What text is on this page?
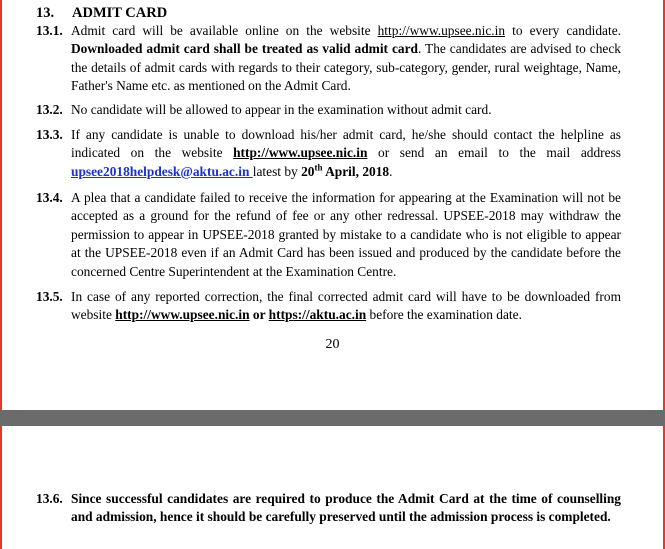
13. ADMIT CARD
13.1. Admit card will be available online on the website http://www.upsee.nic.in to every candidate. Downloaded admit card shall be treated as valid admit card. The candidates are advised to check the details of admit cards with regards to their category, sub-category, gender, rural weightage, Name, Father's Name etc. as mentioned on the Admit Card.
13.2. No candidate will be allowed to appear in the examination without admit card.
13.3. If any candidate is unable to download his/her admit card, he/she should contact the helpline as indicated on the website http://www.upsee.nic.in or send an email to the mail address upsee2018helpdesk@aktu.ac.in latest by 20th April, 2018.
13.4. A plea that a candidate failed to receive the information for appearing at the Examination will not be accepted as a ground for the refund of fee or any other redressal. UPSEE-2018 may withdraw the permission to appear in UPSEE-2018 granted by mistake to a candidate who is not eligible to appear at the UPSEE-2018 even if an Admit Card has been issued and produced by the candidate before the concerned Centre Superintendent at the Examination Centre.
13.5. In case of any reported correction, the final corrected admit card will have to be downloaded from website http://www.upsee.nic.in or https://aktu.ac.in before the examination date.
20
13.6. Since successful candidates are required to produce the Admit Card at the time of counselling and admission, hence it should be carefully preserved until the admission process is completed.
